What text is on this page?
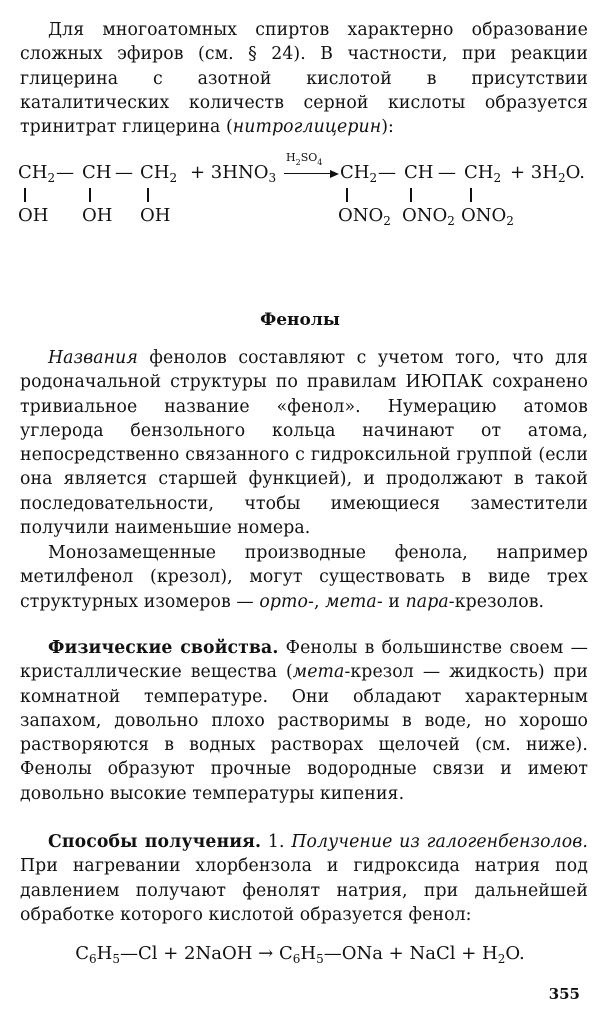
Для многоатомных спиртов характерно образование сложных эфиров (см. § 24). В частности, при реакции глицерина с азотной кислотой в присутствии каталитических количеств серной кислоты образуется тринитрат глицерина (нитроглицерин):
$CH_2$ — CH — $CH_2 + 3HNO_3$
$H_2SO_4$ $CH_2$ — CH — $CH_2 + 3H_2O$.
OH OH OH	$ONO_2$ $ONO_2$ $ONO_2$
Фенолы
Названия фенолов составляют с учетом того, что для родоначальной структуры по правилам ИЮПАК сохранено тривиальное название «фенол». Нумерацию атомов углерода бензольного кольца начинают от атома, непосредственно связанного с гидроксильной группой (если она является старшей функцией), и продолжают в такой последовательности, чтобы имеющиеся заместители получили наименьшие номера.
Монозамещенные производные фенола, например метилфенол (крезол), могут существовать в виде трех структурных изомеров — орто-, мета- и пара-крезолов.
Физические свойства. Фенолы в большинстве своем — кристаллические вещества (мета-крезол — жидкость) при комнатной температуре. Они обладают характерным запахом, довольно плохо растворимы в воде, но хорошо растворяются в водных растворах щелочей (см. ниже). Фенолы образуют прочные водородные связи и имеют довольно высокие температуры кипения.
Способы получения. 1. Получение из галогенбензолов. При нагревании хлорбензола и гидроксида натрия под давлением получают фенолят натрия, при дальнейшей обработке которого кислотой образуется фенол:
$C_6H_5—Cl$ + 2NaOH → $C_6H_5—ONa$ + NaCl + $H_2O$.
355
